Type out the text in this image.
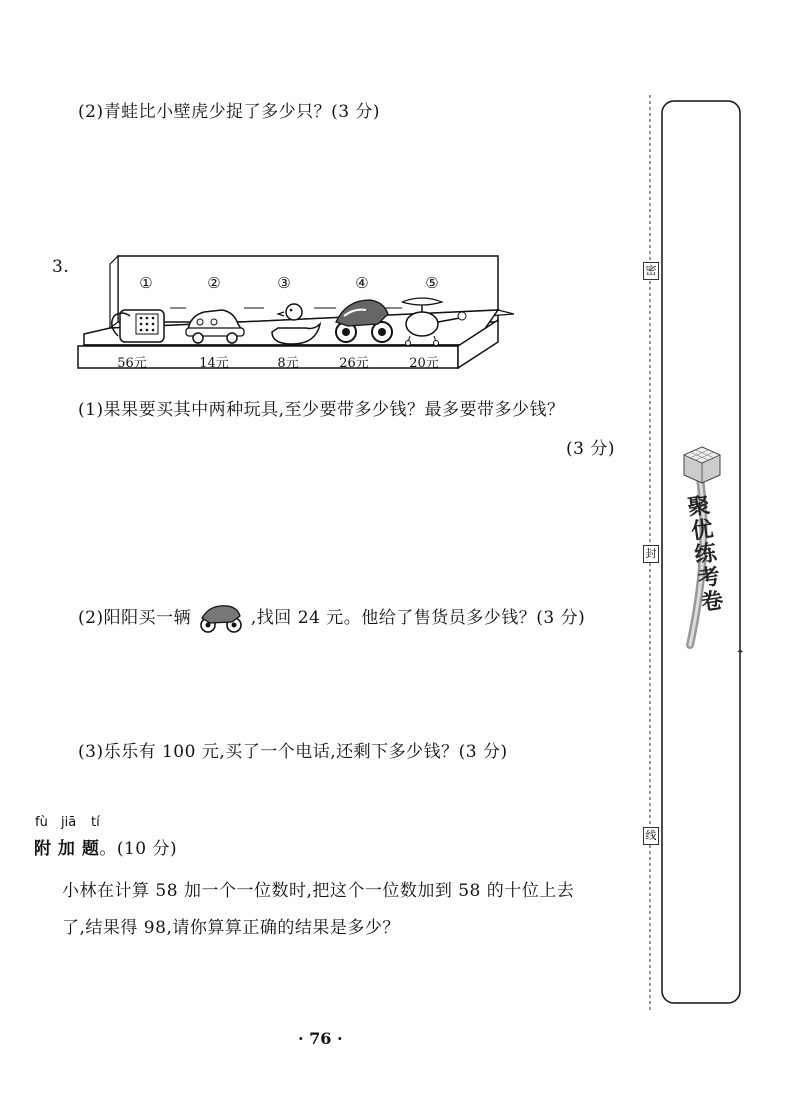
(2)青蛙比小壁虎少捉了多少只？(3 分)
3.
①	②	③	④	⑤
56元	14元	8元	26元	20元
(1)果果要买其中两种玩具,至少要带多少钱？最多要带多少钱？
(3 分)
(2)阳阳买一辆	,找回 24 元。他给了售货员多少钱？(3 分)
(3)乐乐有 100 元,买了一个电话,还剩下多少钱？(3 分)
fù jiā tí
附 加 题。(10 分)
小林在计算 58 加一个一位数时,把这个一位数加到 58 的十位上去
了,结果得 98,请你算算正确的结果是多少？
· 76 ·
✦
密
封
线
聚优练考卷
